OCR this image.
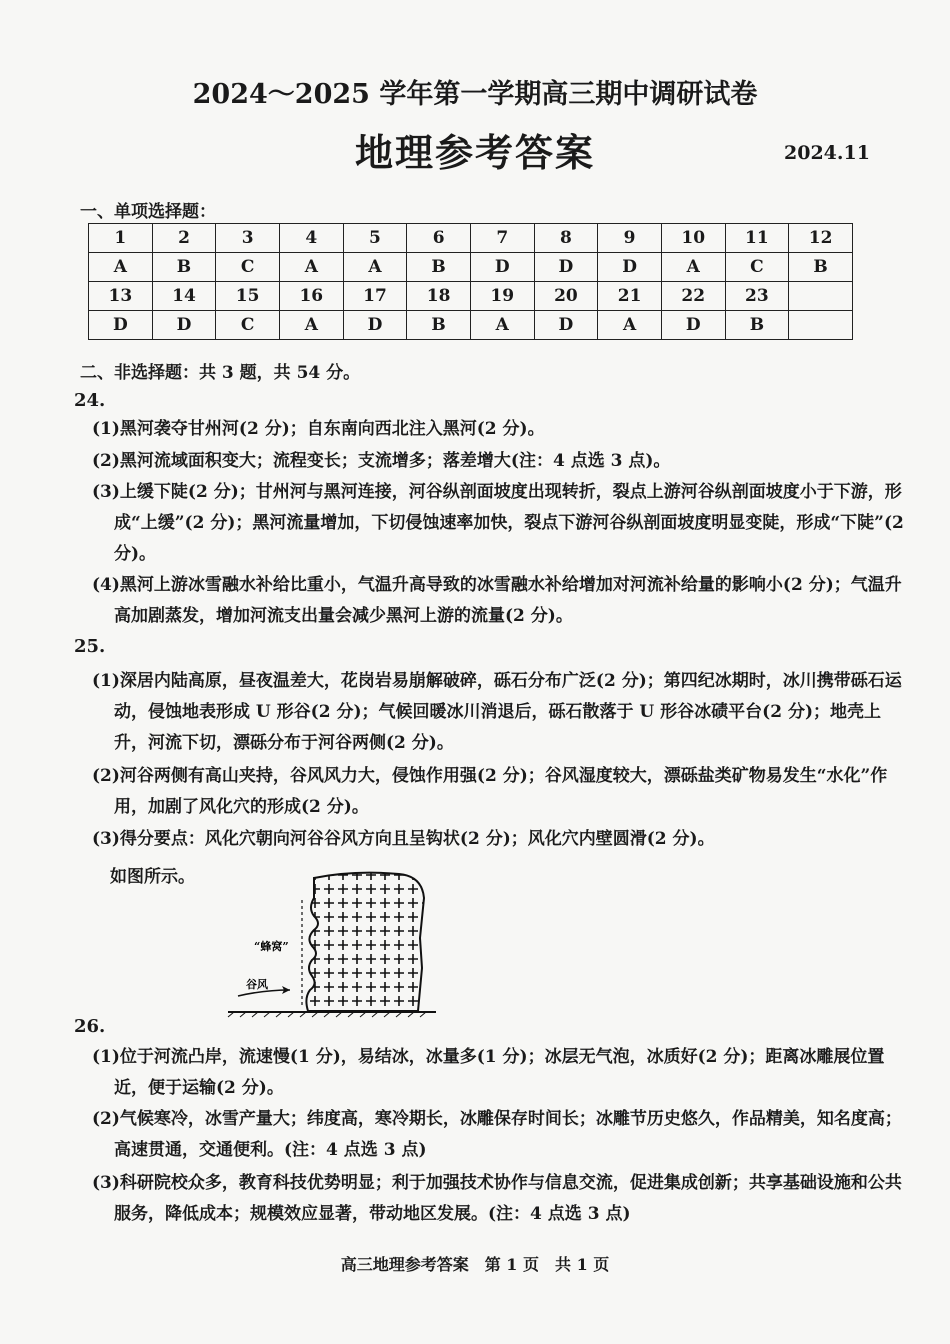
2024～2025 学年第一学期高三期中调研试卷
地理参考答案	2024.11
一、单项选择题：
1	2	3	4	5	6	7	8	9	10	11	12
A	B	C	A	A	B	D	D	D	A	C	B
13	14	15	16	17	18	19	20	21	22	23	
D	D	C	A	D	B	A	D	A	D	B	
二、非选择题：共 3 题，共 54 分。
24.
(1)黑河袭夺甘州河(2 分)；自东南向西北注入黑河(2 分)。
(2)黑河流域面积变大；流程变长；支流增多；落差增大(注：4 点选 3 点)。
(3)上缓下陡(2 分)；甘州河与黑河连接，河谷纵剖面坡度出现转折，裂点上游河谷纵剖面坡度小于下游，形成“上缓”(2 分)；黑河流量增加，下切侵蚀速率加快，裂点下游河谷纵剖面坡度明显变陡，形成“下陡”(2 分)。
(4)黑河上游冰雪融水补给比重小，气温升高导致的冰雪融水补给增加对河流补给量的影响小(2 分)；气温升高加剧蒸发，增加河流支出量会减少黑河上游的流量(2 分)。
25.
(1)深居内陆高原，昼夜温差大，花岗岩易崩解破碎，砾石分布广泛(2 分)；第四纪冰期时，冰川携带砾石运动，侵蚀地表形成 U 形谷(2 分)；气候回暖冰川消退后，砾石散落于 U 形谷冰碛平台(2 分)；地壳上升，河流下切，漂砾分布于河谷两侧(2 分)。
(2)河谷两侧有高山夹持，谷风风力大，侵蚀作用强(2 分)；谷风湿度较大，漂砾盐类矿物易发生“水化”作用，加剧了风化穴的形成(2 分)。
(3)得分要点：风化穴朝向河谷谷风方向且呈钩状(2 分)；风化穴内壁圆滑(2 分)。
如图所示。
“蜂窝”
谷风
26.
(1)位于河流凸岸，流速慢(1 分)，易结冰，冰量多(1 分)；冰层无气泡，冰质好(2 分)；距离冰雕展位置近，便于运输(2 分)。
(2)气候寒冷，冰雪产量大；纬度高，寒冷期长，冰雕保存时间长；冰雕节历史悠久，作品精美，知名度高；高速贯通，交通便利。(注：4 点选 3 点)
(3)科研院校众多，教育科技优势明显；利于加强技术协作与信息交流，促进集成创新；共享基础设施和公共服务，降低成本；规模效应显著，带动地区发展。(注：4 点选 3 点)
高三地理参考答案　第 1 页　共 1 页
